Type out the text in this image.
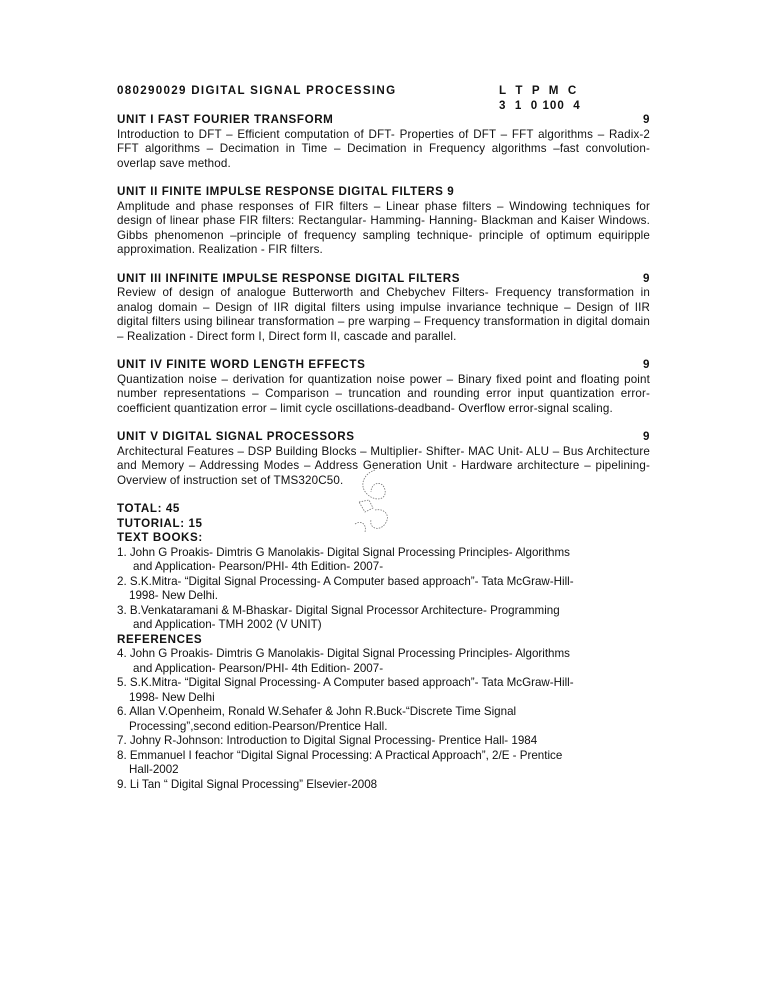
080290029 DIGITAL SIGNAL PROCESSING	L  T  P  M  C
3  1  0 100  4
UNIT I FAST FOURIER TRANSFORM	9
Introduction to DFT – Efficient computation of DFT- Properties of DFT – FFT algorithms – Radix-2 FFT algorithms – Decimation in Time – Decimation in Frequency algorithms –fast convolution- overlap save method.
UNIT II FINITE IMPULSE RESPONSE DIGITAL FILTERS 9
Amplitude and phase responses of FIR filters – Linear phase filters – Windowing techniques for design of linear phase FIR filters: Rectangular- Hamming- Hanning- Blackman and Kaiser Windows. Gibbs phenomenon –principle of frequency sampling technique- principle of optimum equiripple approximation. Realization - FIR filters.
UNIT III INFINITE IMPULSE RESPONSE DIGITAL FILTERS	9
Review of design of analogue Butterworth and Chebychev Filters- Frequency transformation in analog domain – Design of IIR digital filters using impulse invariance technique – Design of IIR digital filters using bilinear transformation – pre warping – Frequency transformation in digital domain – Realization - Direct form I, Direct form II, cascade and parallel.
UNIT IV FINITE WORD LENGTH EFFECTS	9
Quantization noise – derivation for quantization noise power – Binary fixed point and floating point number representations – Comparison – truncation and rounding error input quantization error-coefficient quantization error – limit cycle oscillations-deadband- Overflow error-signal scaling.
UNIT V DIGITAL SIGNAL PROCESSORS	9
Architectural Features – DSP Building Blocks – Multiplier- Shifter- MAC Unit- ALU – Bus Architecture and Memory – Addressing Modes – Address Generation Unit - Hardware architecture – pipelining- Overview of instruction set of TMS320C50.
TOTAL: 45
TUTORIAL: 15
TEXT BOOKS:
1. John G Proakis- Dimtris G Manolakis- Digital Signal Processing Principles- Algorithms
and Application- Pearson/PHI- 4th Edition- 2007-
2. S.K.Mitra- “Digital Signal Processing- A Computer based approach”- Tata McGraw-Hill-
1998- New Delhi.
3. B.Venkataramani & M-Bhaskar- Digital Signal Processor Architecture- Programming
and Application- TMH 2002 (V UNIT)
REFERENCES
4. John G Proakis- Dimtris G Manolakis- Digital Signal Processing Principles- Algorithms
and Application- Pearson/PHI- 4th Edition- 2007-
5. S.K.Mitra- “Digital Signal Processing- A Computer based approach”- Tata McGraw-Hill-
1998- New Delhi
6. Allan V.Openheim, Ronald W.Sehafer & John R.Buck-“Discrete Time Signal
Processing”,second edition-Pearson/Prentice Hall.
7. Johny R-Johnson: Introduction to Digital Signal Processing- Prentice Hall- 1984
8. Emmanuel I feachor “Digital Signal Processing: A Practical Approach”, 2/E - Prentice
Hall-2002
9. Li Tan “ Digital Signal Processing” Elsevier-2008
